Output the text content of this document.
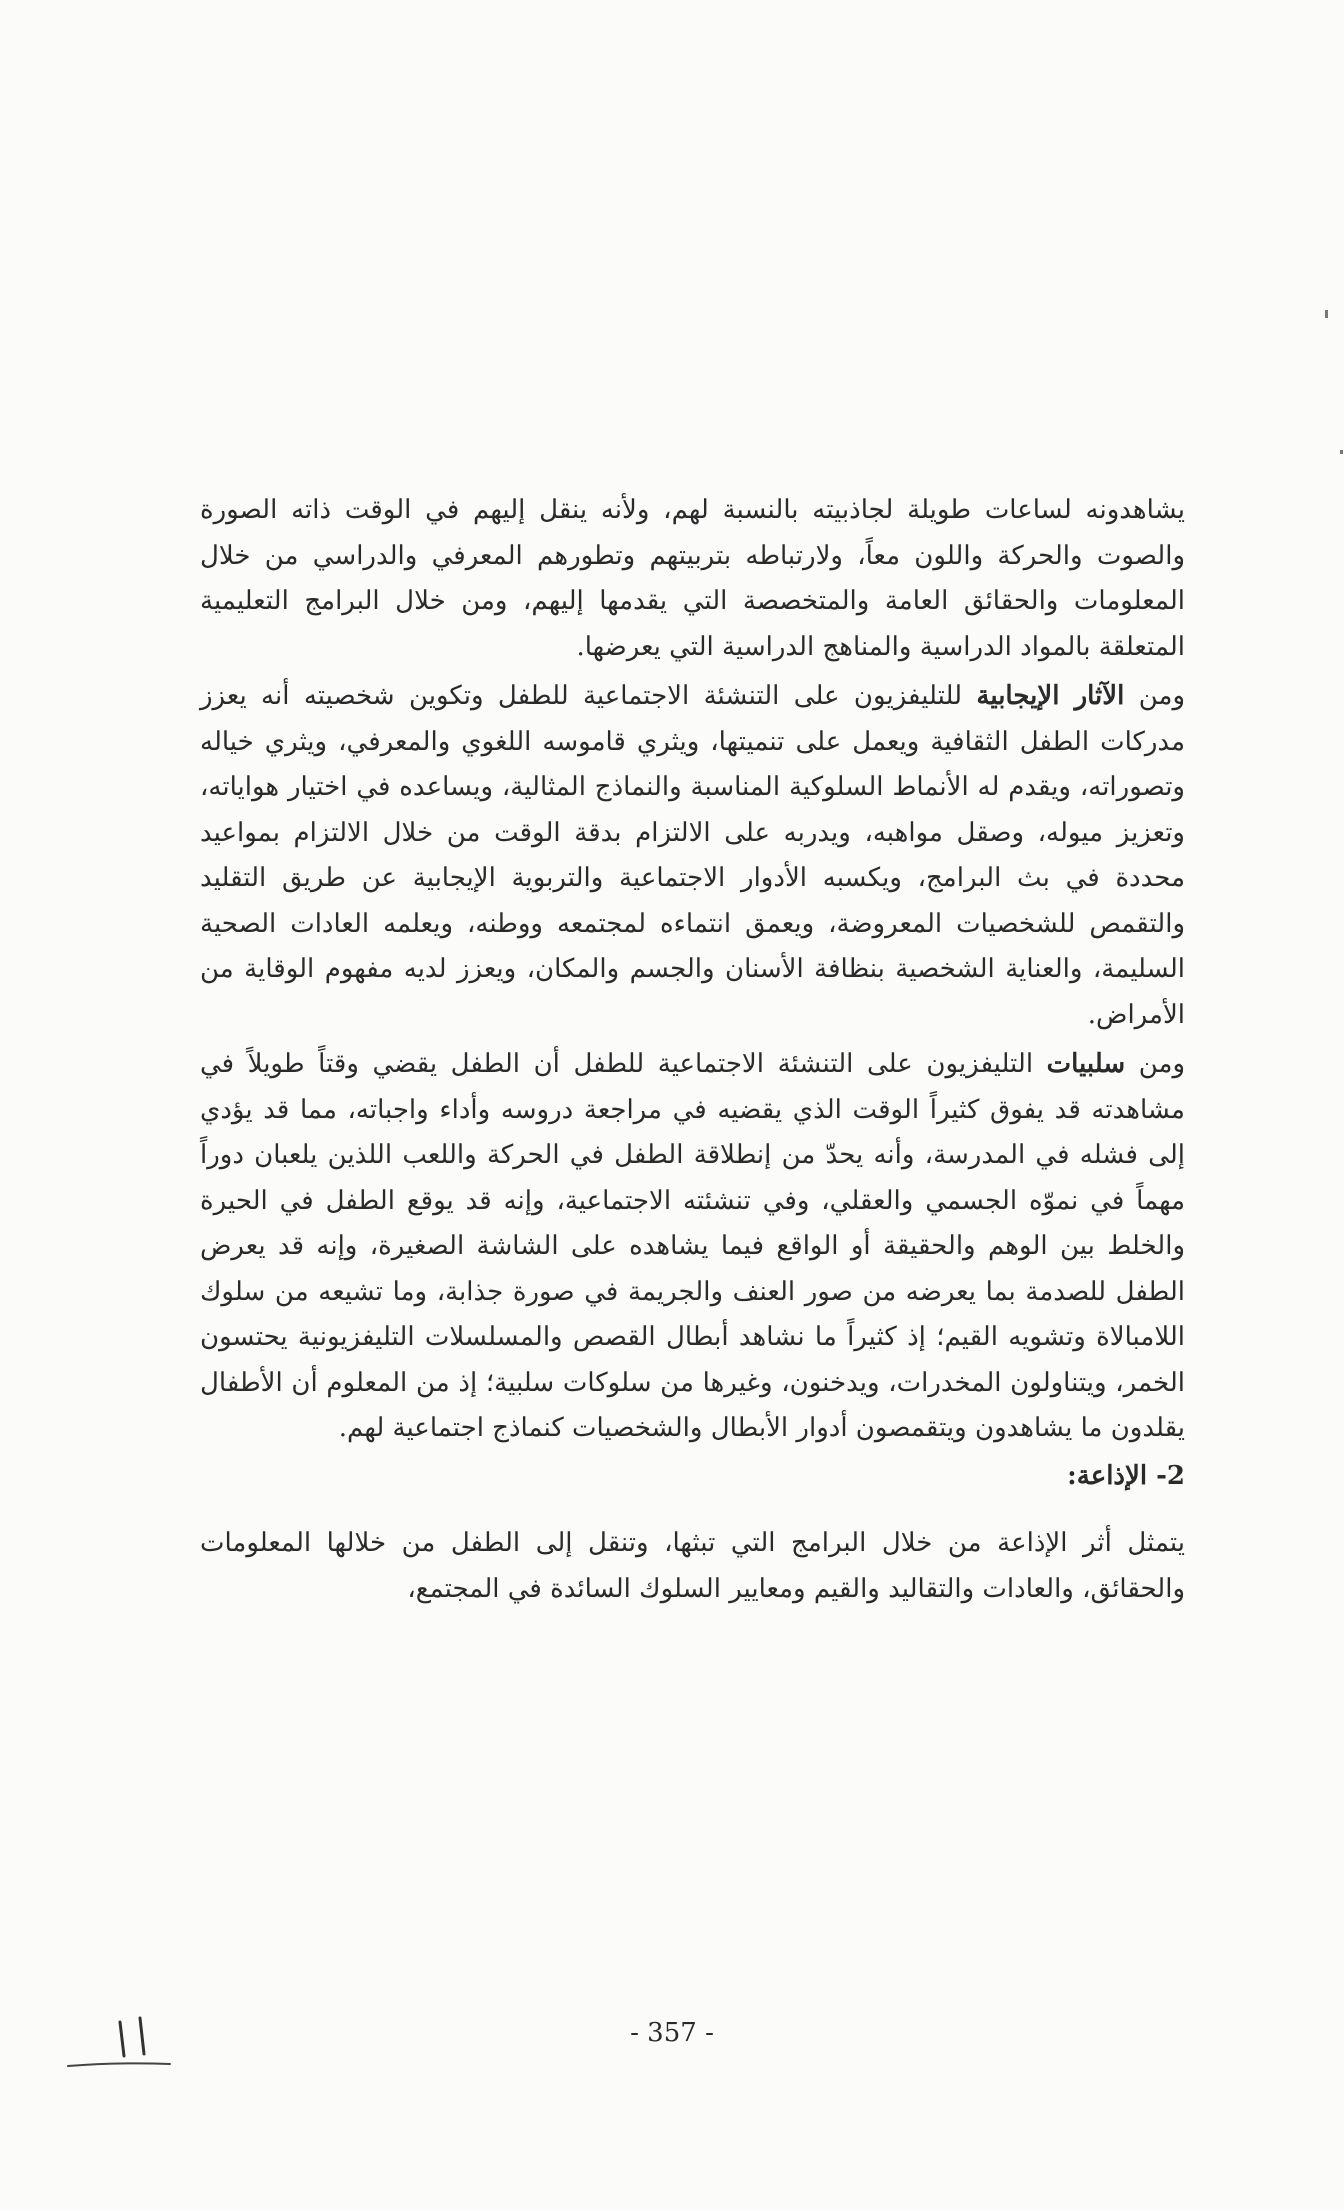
يشاهدونه لساعات طويلة لجاذبيته بالنسبة لهم، ولأنه ينقل إليهم في الوقت ذاته الصورة والصوت والحركة واللون معاً، ولارتباطه بتربيتهم وتطورهم المعرفي والدراسي من خلال المعلومات والحقائق العامة والمتخصصة التي يقدمها إليهم، ومن خلال البرامج التعليمية المتعلقة بالمواد الدراسية والمناهج الدراسية التي يعرضها.

ومن الآثار الإيجابية للتليفزيون على التنشئة الاجتماعية للطفل وتكوين شخصيته أنه يعزز مدركات الطفل الثقافية ويعمل على تنميتها، ويثري قاموسه اللغوي والمعرفي، ويثري خياله وتصوراته، ويقدم له الأنماط السلوكية المناسبة والنماذج المثالية، ويساعده في اختيار هواياته، وتعزيز ميوله، وصقل مواهبه، ويدربه على الالتزام بدقة الوقت من خلال الالتزام بمواعيد محددة في بث البرامج، ويكسبه الأدوار الاجتماعية والتربوية الإيجابية عن طريق التقليد والتقمص للشخصيات المعروضة، ويعمق انتماءه لمجتمعه ووطنه، ويعلمه العادات الصحية السليمة، والعناية الشخصية بنظافة الأسنان والجسم والمكان، ويعزز لديه مفهوم الوقاية من الأمراض.

ومن سلبيات التليفزيون على التنشئة الاجتماعية للطفل أن الطفل يقضي وقتاً طويلاً في مشاهدته قد يفوق كثيراً الوقت الذي يقضيه في مراجعة دروسه وأداء واجباته، مما قد يؤدي إلى فشله في المدرسة، وأنه يحدّ من إنطلاقة الطفل في الحركة واللعب اللذين يلعبان دوراً مهماً في نموّه الجسمي والعقلي، وفي تنشئته الاجتماعية، وإنه قد يوقع الطفل في الحيرة والخلط بين الوهم والحقيقة أو الواقع فيما يشاهده على الشاشة الصغيرة، وإنه قد يعرض الطفل للصدمة بما يعرضه من صور العنف والجريمة في صورة جذابة، وما تشيعه من سلوك اللامبالاة وتشويه القيم؛ إذ كثيراً ما نشاهد أبطال القصص والمسلسلات التليفزيونية يحتسون الخمر، ويتناولون المخدرات، ويدخنون، وغيرها من سلوكات سلبية؛ إذ من المعلوم أن الأطفال يقلدون ما يشاهدون ويتقمصون أدوار الأبطال والشخصيات كنماذج اجتماعية لهم.

2- الإذاعة:

يتمثل أثر الإذاعة من خلال البرامج التي تبثها، وتنقل إلى الطفل من خلالها المعلومات والحقائق، والعادات والتقاليد والقيم ومعايير السلوك السائدة في المجتمع،

- 357 -
